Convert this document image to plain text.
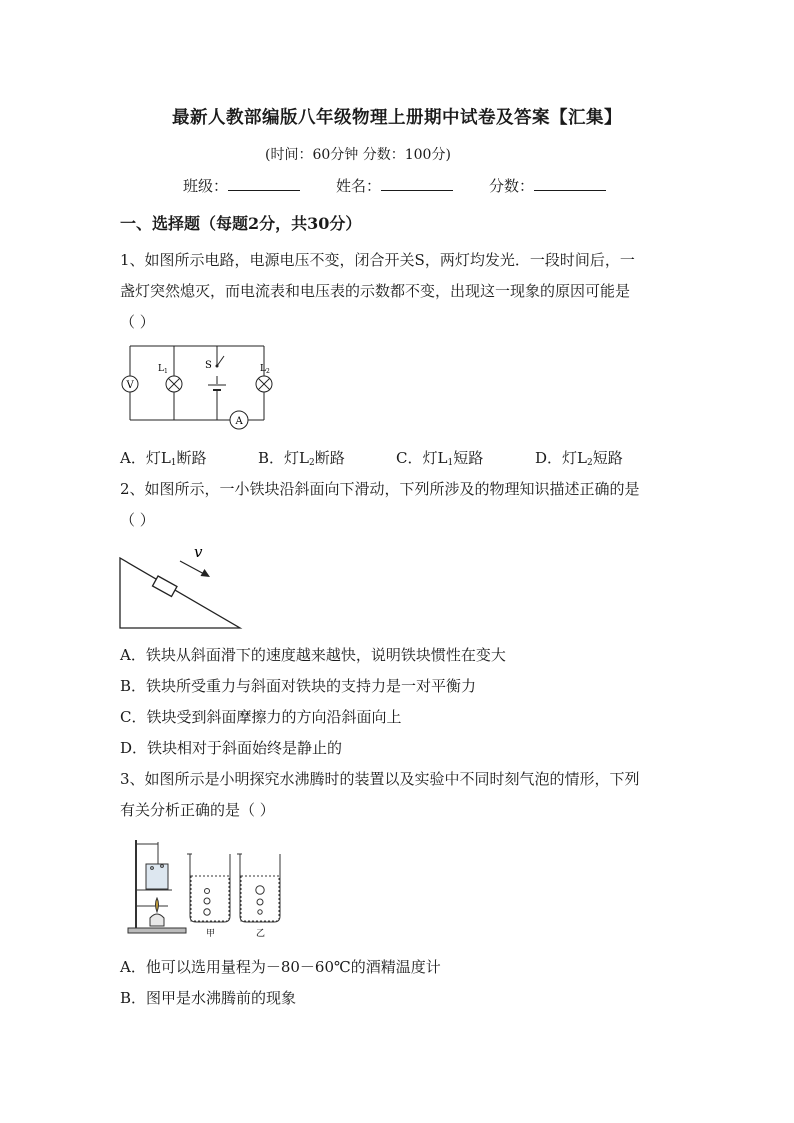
最新人教部编版八年级物理上册期中试卷及答案【汇集】
(时间：60分钟 分数：100分)
班级：	姓名：	分数：
一、选择题（每题2分，共30分）
1、如图所示电路，电源电压不变，闭合开关S，两灯均发光．一段时间后，一
盏灯突然熄灭，而电流表和电压表的示数都不变，出现这一现象的原因可能是
（ ）
V
L 1
S	L 2
A
A．灯$L_1$断路	B．灯$L_2$断路	C．灯$L_1$短路	D．灯$L_2$短路
2、如图所示，一小铁块沿斜面向下滑动，下列所涉及的物理知识描述正确的是
（ ）
v
A．铁块从斜面滑下的速度越来越快，说明铁块惯性在变大
B．铁块所受重力与斜面对铁块的支持力是一对平衡力
C．铁块受到斜面摩擦力的方向沿斜面向上
D．铁块相对于斜面始终是静止的
3、如图所示是小明探究水沸腾时的装置以及实验中不同时刻气泡的情形，下列
有关分析正确的是（ ）
甲	乙
A．他可以选用量程为－80－60℃的酒精温度计
B．图甲是水沸腾前的现象
